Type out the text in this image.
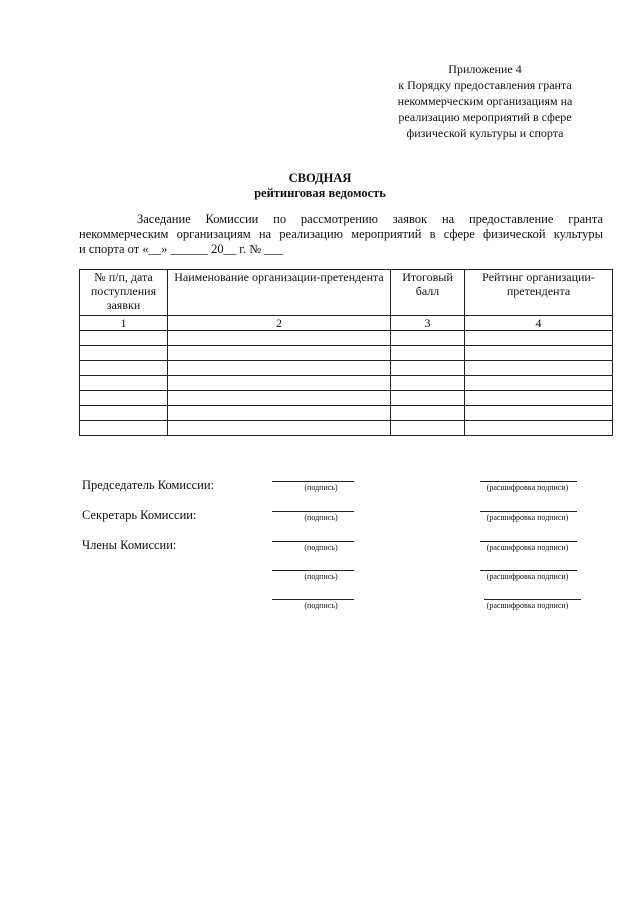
Приложение 4
к Порядку предоставления гранта
некоммерческим организациям на
реализацию мероприятий в сфере
физической культуры и спорта
СВОДНАЯ
рейтинговая ведомость
Заседание Комиссии по рассмотрению заявок на предоставление гранта
некоммерческим организациям на реализацию мероприятий в сфере физической культуры
и спорта от «__» ______ 20__ г. № ___
№ п/п, дата поступления заявки	Наименование организации-претендента	Итоговый балл	Рейтинг организации-претендента
1	2	3	4

Председатель Комиссии:	(подпись)	(расшифровка подписи)
Секретарь Комиссии:	(подпись)	(расшифровка подписи)
Члены Комиссии:	(подпись)	(расшифровка подписи)
(подпись)	(расшифровка подписи)
(подпись)	(расшифровка подписи)
